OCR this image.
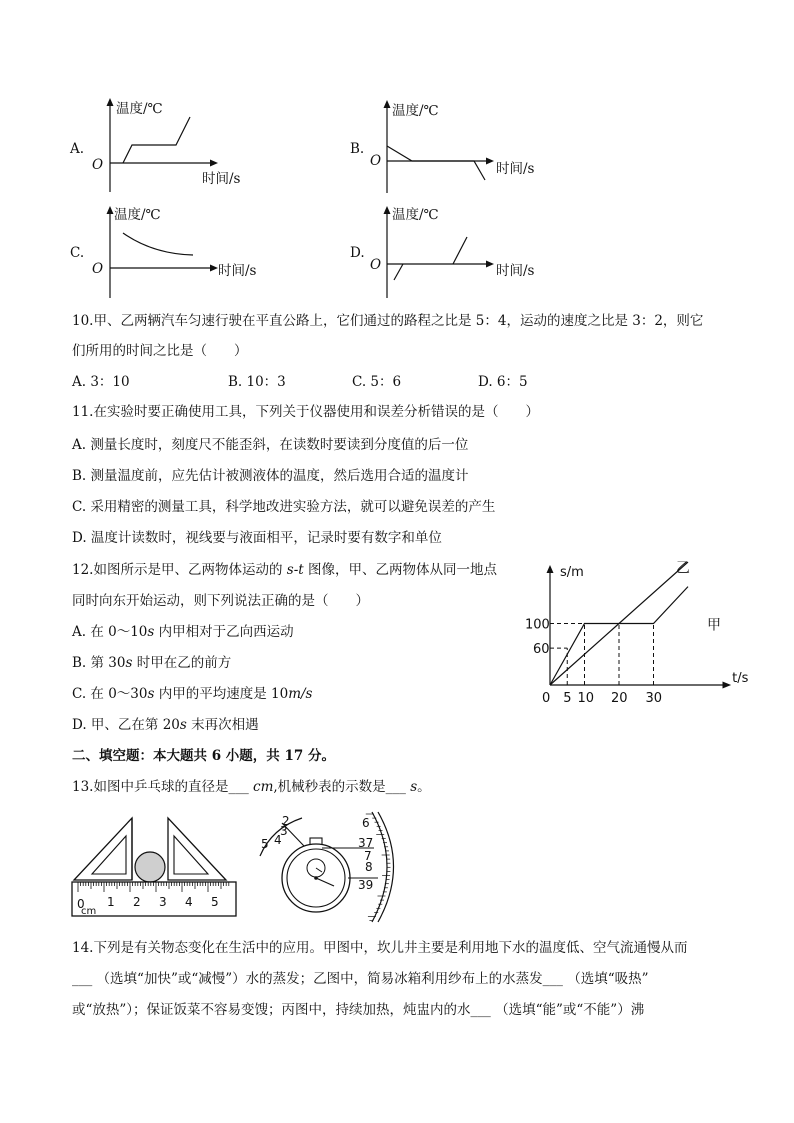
A.
温度/℃
O
时间/s
B.
温度/℃
O	时间/s
C.
温度/℃
O	时间/s
D.
温度/℃
O	时间/s
10.甲、乙两辆汽车匀速行驶在平直公路上，它们通过的路程之比是 5：4，运动的速度之比是 3：2，则它
们所用的时间之比是（　　）
A. 3：10	B. 10：3	C. 5：6	D. 6：5
11.在实验时要正确使用工具，下列关于仪器使用和误差分析错误的是（　　）
A. 测量长度时，刻度尺不能歪斜，在读数时要读到分度值的后一位
B. 测量温度前，应先估计被测液体的温度，然后选用合适的温度计
C. 采用精密的测量工具，科学地改进实验方法，就可以避免误差的产生
D. 温度计读数时，视线要与液面相平，记录时要有数字和单位
12.如图所示是甲、乙两物体运动的 s-t 图像，甲、乙两物体从同一地点
同时向东开始运动，则下列说法正确的是（　　）
A. 在 0～10s 内甲相对于乙向西运动
B. 第 30s 时甲在乙的前方
C. 在 0～30s 内甲的平均速度是 10m/s
D. 甲、乙在第 20s 末再次相遇
s/m
t/s
0 5 10 20 30
60
100
乙
甲
二、填空题：本大题共 6 小题，共 17 分。
13.如图中乒乓球的直径是___ cm,机械秒表的示数是___ s。
0
cm
1 2 3 4 5
6
37
7
8
39
2
3
4
5
14.下列是有关物态变化在生活中的应用。甲图中，坎儿井主要是利用地下水的温度低、空气流通慢从而
___ （选填“加快”或“减慢”）水的蒸发；乙图中，简易冰箱利用纱布上的水蒸发___ （选填“吸热”
或“放热”）；保证饭菜不容易变馊；丙图中，持续加热，炖盅内的水___ （选填“能”或“不能”）沸
